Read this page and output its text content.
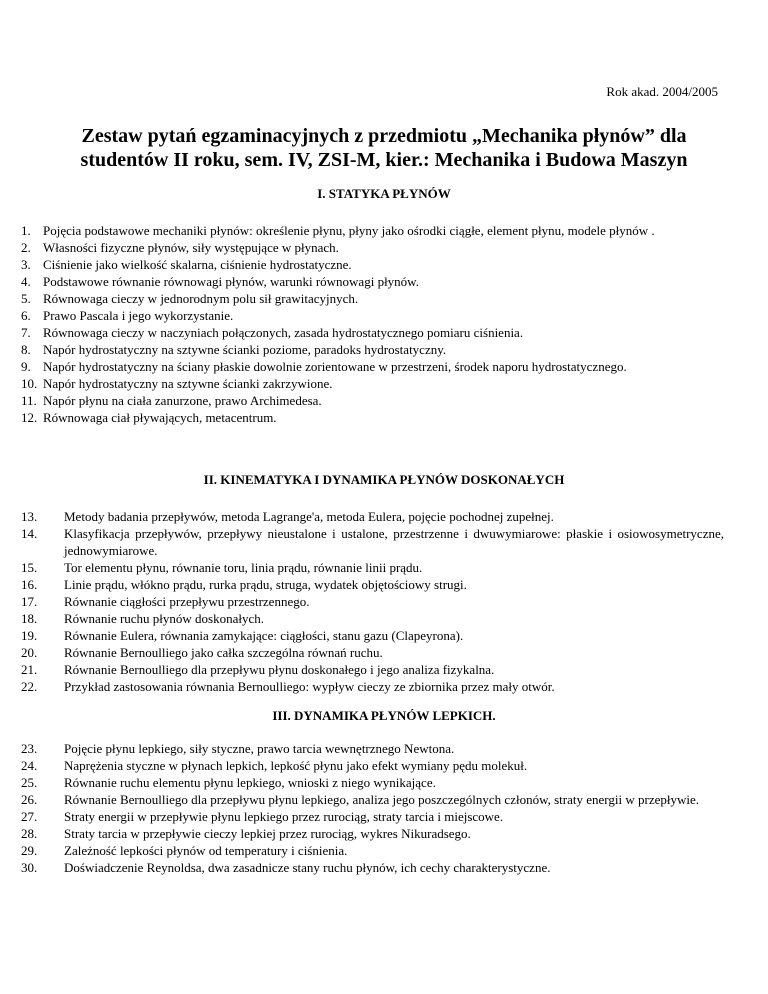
Rok akad. 2004/2005
Zestaw pytań egzaminacyjnych z przedmiotu „Mechanika płynów” dla
studentów II roku, sem. IV, ZSI-M, kier.: Mechanika i Budowa Maszyn
I. STATYKA PŁYNÓW
1. Pojęcia podstawowe mechaniki płynów: określenie płynu, płyny jako ośrodki ciągłe, element płynu, modele płynów .
2. Własności fizyczne płynów, siły występujące w płynach.
3. Ciśnienie jako wielkość skalarna, ciśnienie hydrostatyczne.
4. Podstawowe równanie równowagi płynów, warunki równowagi płynów.
5. Równowaga cieczy w jednorodnym polu sił grawitacyjnych.
6. Prawo Pascala i jego wykorzystanie.
7. Równowaga cieczy w naczyniach połączonych, zasada hydrostatycznego pomiaru ciśnienia.
8. Napór hydrostatyczny na sztywne ścianki poziome, paradoks hydrostatyczny.
9. Napór hydrostatyczny na ściany płaskie dowolnie zorientowane w przestrzeni, środek naporu hydrostatycznego.
10. Napór hydrostatyczny na sztywne ścianki zakrzywione.
11. Napór płynu na ciała zanurzone, prawo Archimedesa.
12. Równowaga ciał pływających, metacentrum.
II. KINEMATYKA I DYNAMIKA PŁYNÓW DOSKONAŁYCH
13. Metody badania przepływów, metoda Lagrange'a, metoda Eulera, pojęcie pochodnej zupełnej.
14. Klasyfikacja przepływów, przepływy nieustalone i ustalone, przestrzenne i dwuwymiarowe: płaskie i osiowosymetryczne, jednowymiarowe.
15. Tor elementu płynu, równanie toru, linia prądu, równanie linii prądu.
16. Linie prądu, włókno prądu, rurka prądu, struga, wydatek objętościowy strugi.
17. Równanie ciągłości przepływu przestrzennego.
18. Równanie ruchu płynów doskonałych.
19. Równanie Eulera, równania zamykające: ciągłości, stanu gazu (Clapeyrona).
20. Równanie Bernoulliego jako całka szczególna równań ruchu.
21. Równanie Bernoulliego dla przepływu płynu doskonałego i jego analiza fizykalna.
22. Przykład zastosowania równania Bernoulliego: wypływ cieczy ze zbiornika przez mały otwór.
III. DYNAMIKA PŁYNÓW LEPKICH.
23. Pojęcie płynu lepkiego, siły styczne, prawo tarcia wewnętrznego Newtona.
24. Naprężenia styczne w płynach lepkich, lepkość płynu jako efekt wymiany pędu molekuł.
25. Równanie ruchu elementu płynu lepkiego, wnioski z niego wynikające.
26. Równanie Bernoulliego dla przepływu płynu lepkiego, analiza jego poszczególnych członów, straty energii w przepływie.
27. Straty energii w przepływie płynu lepkiego przez rurociąg, straty tarcia i miejscowe.
28. Straty tarcia w przepływie cieczy lepkiej przez rurociąg, wykres Nikuradsego.
29. Zależność lepkości płynów od temperatury i ciśnienia.
30. Doświadczenie Reynoldsa, dwa zasadnicze stany ruchu płynów, ich cechy charakterystyczne.
